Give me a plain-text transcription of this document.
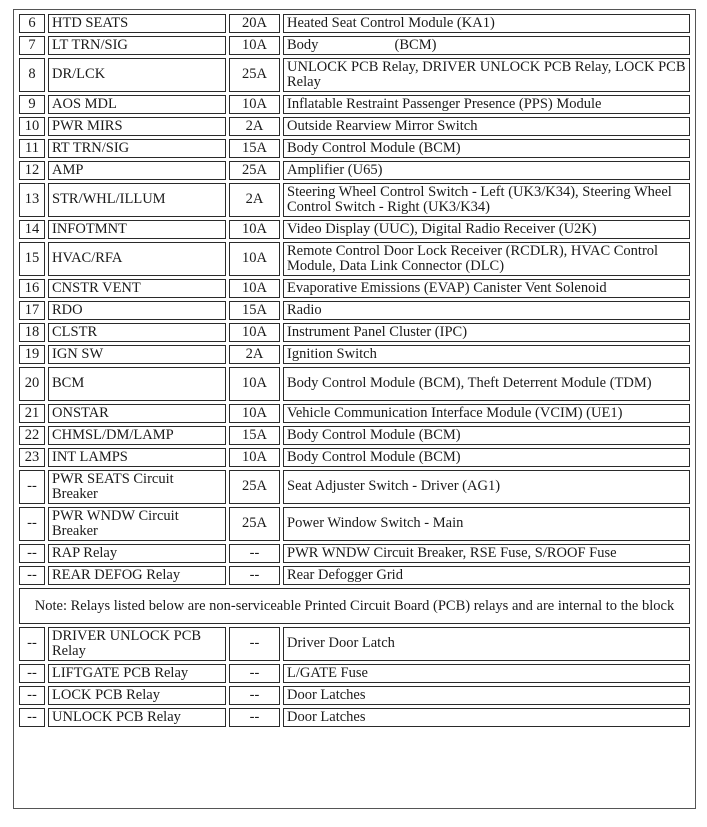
6	HTD SEATS	20A	Heated Seat Control Module (KA1)
7	LT TRN/SIG	10A	Body                     (BCM)
8	DR/LCK	25A	UNLOCK PCB Relay, DRIVER UNLOCK PCB Relay, LOCK PCB Relay
9	AOS MDL	10A	Inflatable Restraint Passenger Presence (PPS) Module
10	PWR MIRS	2A	Outside Rearview Mirror Switch
11	RT TRN/SIG	15A	Body Control Module (BCM)
12	AMP	25A	Amplifier (U65)
13	STR/WHL/ILLUM	2A	Steering Wheel Control Switch - Left (UK3/K34), Steering Wheel Control Switch - Right (UK3/K34)
14	INFOTMNT	10A	Video Display (UUC), Digital Radio Receiver (U2K)
15	HVAC/RFA	10A	Remote Control Door Lock Receiver (RCDLR), HVAC Control Module, Data Link Connector (DLC)
16	CNSTR VENT	10A	Evaporative Emissions (EVAP) Canister Vent Solenoid
17	RDO	15A	Radio
18	CLSTR	10A	Instrument Panel Cluster (IPC)
19	IGN SW	2A	Ignition Switch
20	BCM	10A	Body Control Module (BCM), Theft Deterrent Module (TDM)
21	ONSTAR	10A	Vehicle Communication Interface Module (VCIM) (UE1)
22	CHMSL/DM/LAMP	15A	Body Control Module (BCM)
23	INT LAMPS	10A	Body Control Module (BCM)
--	PWR SEATS Circuit Breaker	25A	Seat Adjuster Switch - Driver (AG1)
--	PWR WNDW Circuit Breaker	25A	Power Window Switch - Main
--	RAP Relay	--	PWR WNDW Circuit Breaker, RSE Fuse, S/ROOF Fuse
--	REAR DEFOG Relay	--	Rear Defogger Grid
Note: Relays listed below are non-serviceable Printed Circuit Board (PCB) relays and are internal to the block			
--	DRIVER UNLOCK PCB Relay	--	Driver Door Latch
--	LIFTGATE PCB Relay	--	L/GATE Fuse
--	LOCK PCB Relay	--	Door Latches
--	UNLOCK PCB Relay	--	Door Latches
